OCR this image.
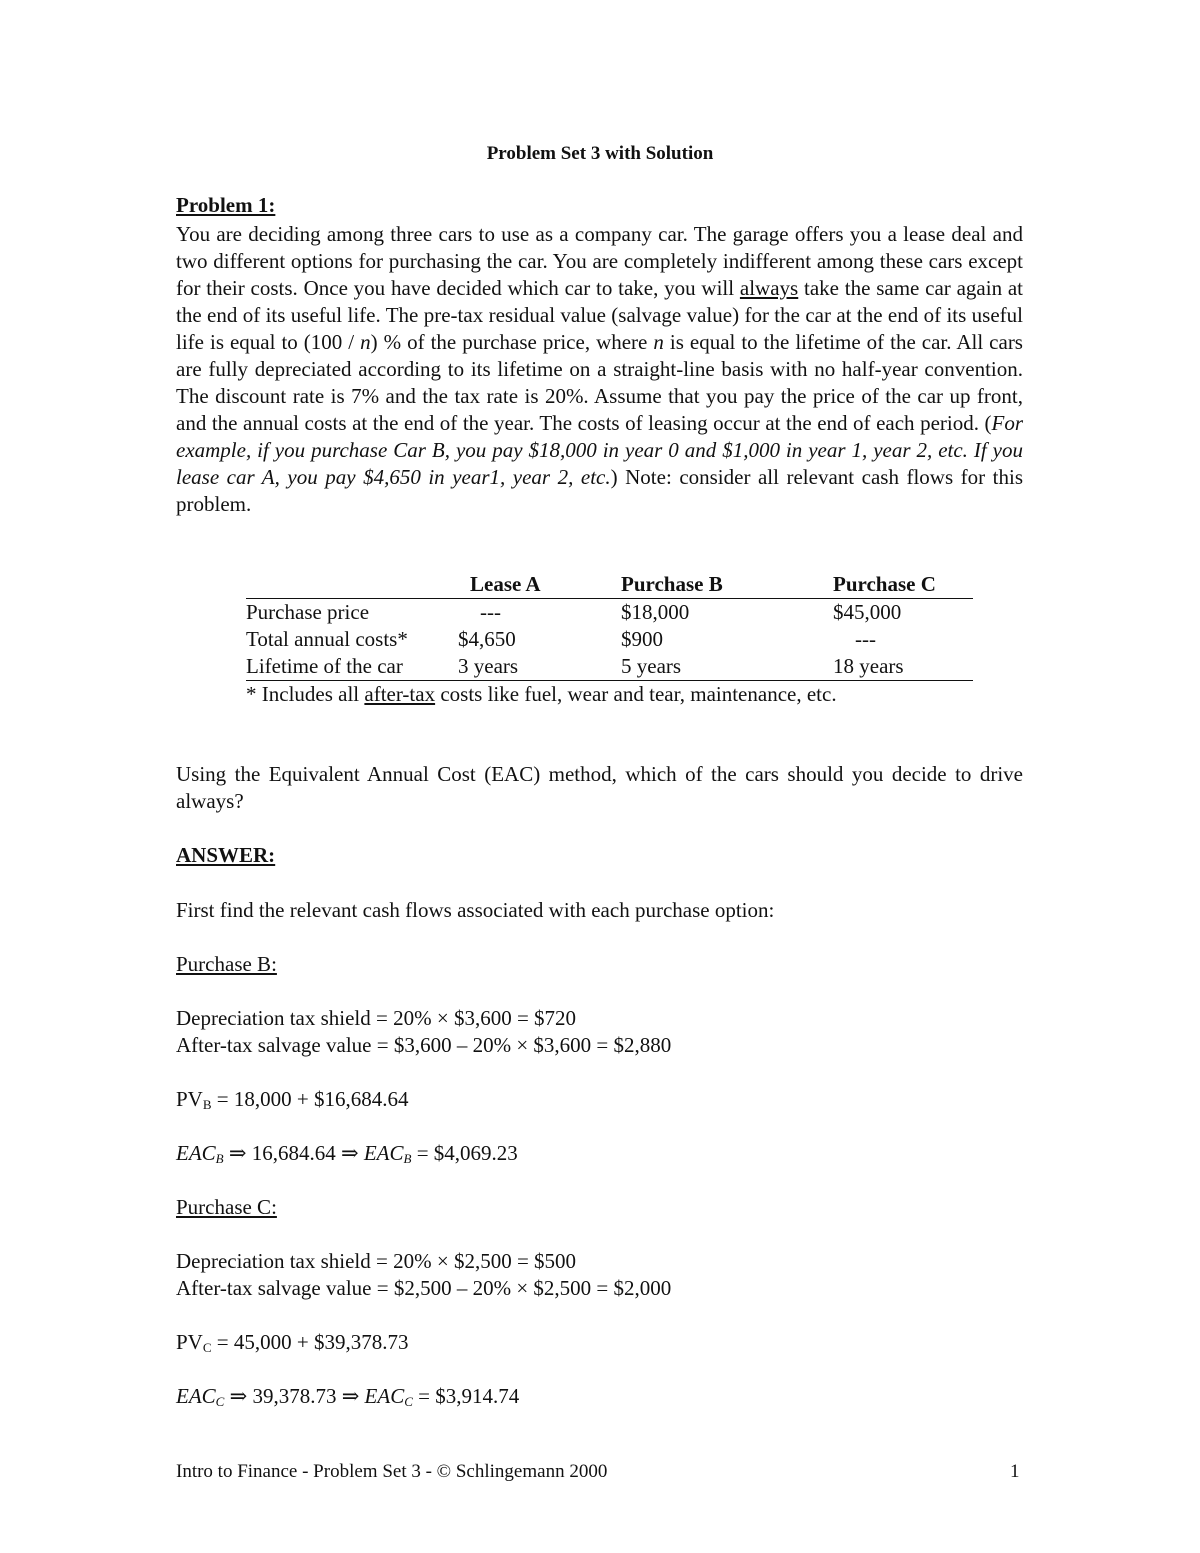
Problem Set 3 with Solution
Problem 1:
You are deciding among three cars to use as a company car. The garage offers you a lease deal and two different options for purchasing the car. You are completely indifferent among these cars except for their costs. Once you have decided which car to take, you will always take the same car again at the end of its useful life. The pre-tax residual value (salvage value) for the car at the end of its useful life is equal to (100 / n) % of the purchase price, where n is equal to the lifetime of the car. All cars are fully depreciated according to its lifetime on a straight-line basis with no half-year convention. The discount rate is 7% and the tax rate is 20%. Assume that you pay the price of the car up front, and the annual costs at the end of the year. The costs of leasing occur at the end of each period. (For example, if you purchase Car B, you pay $18,000 in year 0 and $1,000 in year 1, year 2, etc. If you lease car A, you pay $4,650 in year1, year 2, etc.) Note: consider all relevant cash flows for this problem.
	Lease A	Purchase B	Purchase C
Purchase price	---	$18,000	$45,000
Total annual costs*	$4,650	$900	---
Lifetime of the car	3 years	5 years	18 years
* Includes all after-tax costs like fuel, wear and tear, maintenance, etc.
Using the Equivalent Annual Cost (EAC) method, which of the cars should you decide to drive always?
ANSWER:
First find the relevant cash flows associated with each purchase option:
Purchase B:
Depreciation tax shield = 20% × $3,600 = $720
After-tax salvage value = $3,600 – 20% × $3,600 = $2,880
$PV_B = 18,000$ + $16,684.64
$EAC_B$ ⇒ 16,684.64 ⇒ $EAC_B$ = $4,069.23
Purchase C:
Depreciation tax shield = 20% × $2,500 = $500
After-tax salvage value = $2,500 – 20% × $2,500 = $2,000
$PV_C = 45,000$ + $39,378.73
$EAC_C$ ⇒ 39,378.73 ⇒ $EAC_C$ = $3,914.74
Intro to Finance - Problem Set 3 - © Schlingemann 2000	1
